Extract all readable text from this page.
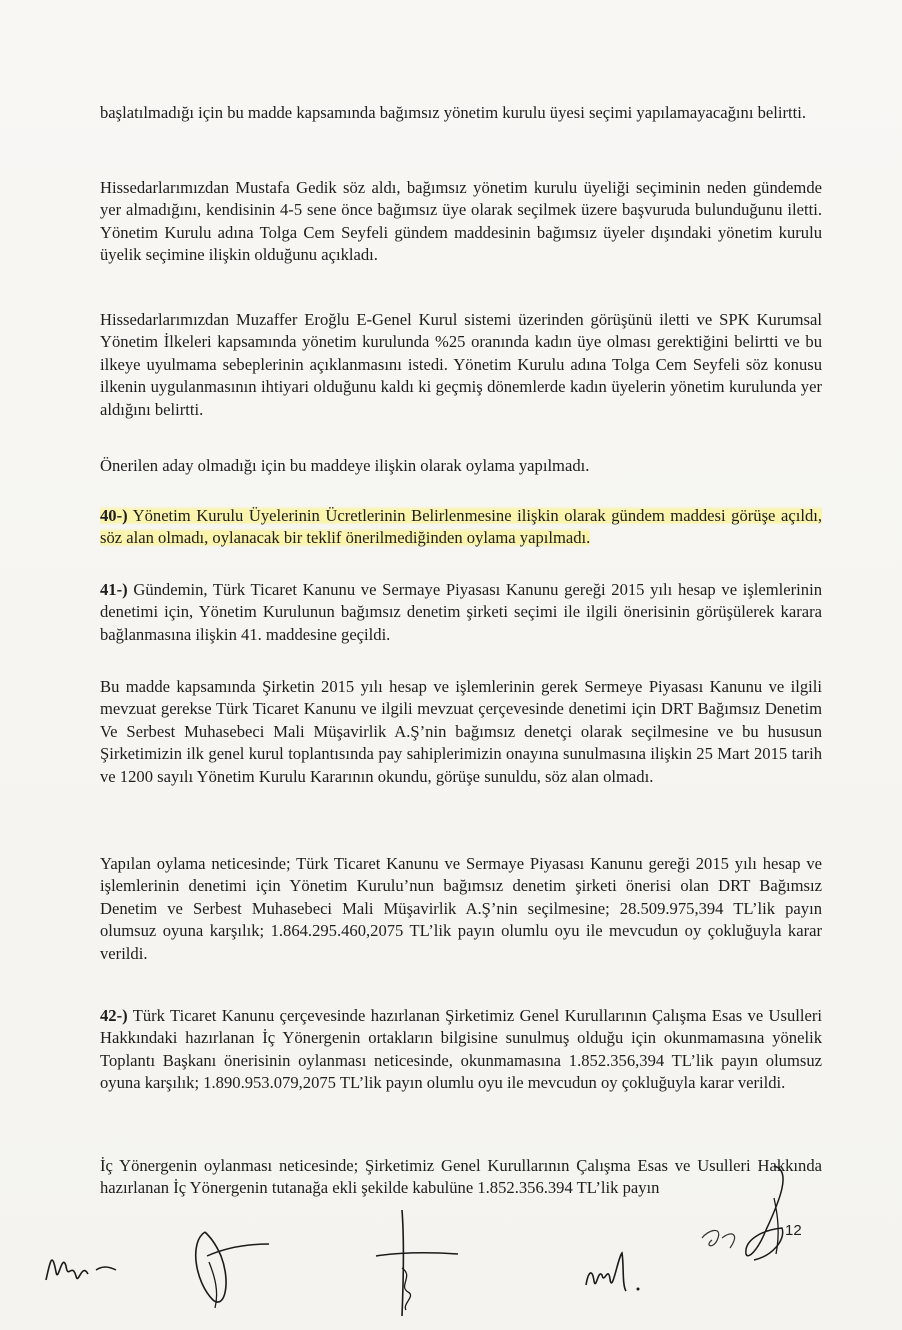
başlatılmadığı için bu madde kapsamında bağımsız yönetim kurulu üyesi seçimi yapılamayacağını belirtti.

Hissedarlarımızdan Mustafa Gedik söz aldı, bağımsız yönetim kurulu üyeliği seçiminin neden gündemde yer almadığını, kendisinin 4-5 sene önce bağımsız üye olarak seçilmek üzere başvuruda bulunduğunu iletti. Yönetim Kurulu adına Tolga Cem Seyfeli gündem maddesinin bağımsız üyeler dışındaki yönetim kurulu üyelik seçimine ilişkin olduğunu açıkladı.

Hissedarlarımızdan Muzaffer Eroğlu E-Genel Kurul sistemi üzerinden görüşünü iletti ve SPK Kurumsal Yönetim İlkeleri kapsamında yönetim kurulunda %25 oranında kadın üye olması gerektiğini belirtti ve bu ilkeye uyulmama sebeplerinin açıklanmasını istedi. Yönetim Kurulu adına Tolga Cem Seyfeli söz konusu ilkenin uygulanmasının ihtiyari olduğunu kaldı ki geçmiş dönemlerde kadın üyelerin yönetim kurulunda yer aldığını belirtti.

Önerilen aday olmadığı için bu maddeye ilişkin olarak oylama yapılmadı.

40-) Yönetim Kurulu Üyelerinin Ücretlerinin Belirlenmesine ilişkin olarak gündem maddesi görüşe açıldı, söz alan olmadı, oylanacak bir teklif önerilmediğinden oylama yapılmadı.

41-) Gündemin, Türk Ticaret Kanunu ve Sermaye Piyasası Kanunu gereği 2015 yılı hesap ve işlemlerinin denetimi için, Yönetim Kurulunun bağımsız denetim şirketi seçimi ile ilgili önerisinin görüşülerek karara bağlanmasına ilişkin 41. maddesine geçildi.

Bu madde kapsamında Şirketin 2015 yılı hesap ve işlemlerinin gerek Sermeye Piyasası Kanunu ve ilgili mevzuat gerekse Türk Ticaret Kanunu ve ilgili mevzuat çerçevesinde denetimi için DRT Bağımsız Denetim Ve Serbest Muhasebeci Mali Müşavirlik A.Ş’nin bağımsız denetçi olarak seçilmesine ve bu hususun Şirketimizin ilk genel kurul toplantısında pay sahiplerimizin onayına sunulmasına ilişkin 25 Mart 2015 tarih ve 1200 sayılı Yönetim Kurulu Kararının okundu, görüşe sunuldu, söz alan olmadı.

Yapılan oylama neticesinde; Türk Ticaret Kanunu ve Sermaye Piyasası Kanunu gereği 2015 yılı hesap ve işlemlerinin denetimi için Yönetim Kurulu’nun bağımsız denetim şirketi önerisi olan DRT Bağımsız Denetim ve Serbest Muhasebeci Mali Müşavirlik A.Ş’nin seçilmesine; 28.509.975,394 TL’lik payın olumsuz oyuna karşılık; 1.864.295.460,2075 TL’lik payın olumlu oyu ile mevcudun oy çokluğuyla karar verildi.

42-) Türk Ticaret Kanunu çerçevesinde hazırlanan Şirketimiz Genel Kurullarının Çalışma Esas ve Usulleri Hakkındaki hazırlanan İç Yönergenin ortakların bilgisine sunulmuş olduğu için okunmamasına yönelik Toplantı Başkanı önerisinin oylanması neticesinde, okunmamasına 1.852.356,394 TL’lik payın olumsuz oyuna karşılık; 1.890.953.079,2075 TL’lik payın olumlu oyu ile mevcudun oy çokluğuyla karar verildi.

İç Yönergenin oylanması neticesinde; Şirketimiz Genel Kurullarının Çalışma Esas ve Usulleri Hakkında hazırlanan İç Yönergenin tutanağa ekli şekilde kabulüne 1.852.356.394 TL’lik payın

12
